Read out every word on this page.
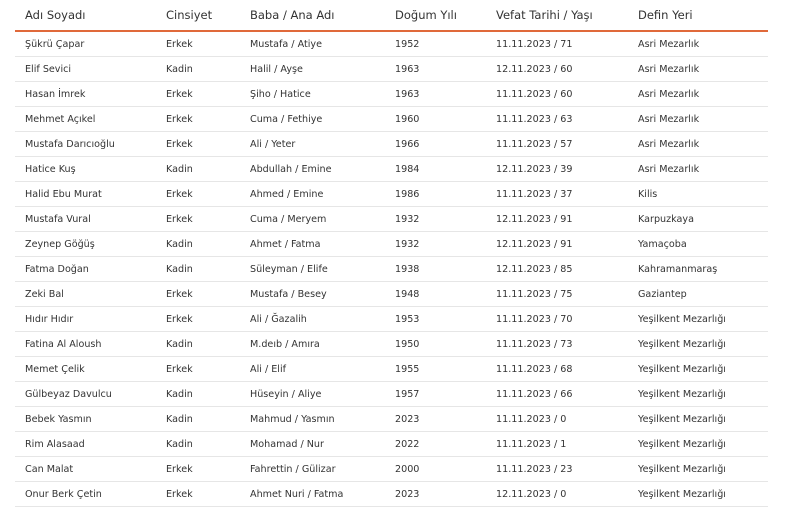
Adı Soyadı	Cinsiyet	Baba / Ana Adı	Doğum Yılı	Vefat Tarihi / Yaşı	Defin Yeri
Şükrü Çapar	Erkek	Mustafa / Atiye	1952	11.11.2023 / 71	Asri Mezarlık
Elif Sevici	Kadin	Halil / Ayşe	1963	12.11.2023 / 60	Asri Mezarlık
Hasan İmrek	Erkek	Şiho / Hatice	1963	11.11.2023 / 60	Asri Mezarlık
Mehmet Açıkel	Erkek	Cuma / Fethiye	1960	11.11.2023 / 63	Asri Mezarlık
Mustafa Darıcıoğlu	Erkek	Ali / Yeter	1966	11.11.2023 / 57	Asri Mezarlık
Hatice Kuş	Kadin	Abdullah / Emine	1984	12.11.2023 / 39	Asri Mezarlık
Halid Ebu Murat	Erkek	Ahmed / Emine	1986	11.11.2023 / 37	Kilis
Mustafa Vural	Erkek	Cuma / Meryem	1932	12.11.2023 / 91	Karpuzkaya
Zeynep Göğüş	Kadin	Ahmet / Fatma	1932	12.11.2023 / 91	Yamaçoba
Fatma Doğan	Kadin	Süleyman / Elife	1938	12.11.2023 / 85	Kahramanmaraş
Zeki Bal	Erkek	Mustafa / Besey	1948	11.11.2023 / 75	Gaziantep
Hıdır Hıdır	Erkek	Ali / Ğazalih	1953	11.11.2023 / 70	Yeşilkent Mezarlığı
Fatina Al Aloush	Kadin	M.deıb / Amıra	1950	11.11.2023 / 73	Yeşilkent Mezarlığı
Memet Çelik	Erkek	Ali / Elif	1955	11.11.2023 / 68	Yeşilkent Mezarlığı
Gülbeyaz Davulcu	Kadin	Hüseyin / Aliye	1957	11.11.2023 / 66	Yeşilkent Mezarlığı
Bebek Yasmın	Kadin	Mahmud / Yasmın	2023	11.11.2023 / 0	Yeşilkent Mezarlığı
Rim Alasaad	Kadin	Mohamad / Nur	2022	11.11.2023 / 1	Yeşilkent Mezarlığı
Can Malat	Erkek	Fahrettin / Gülizar	2000	11.11.2023 / 23	Yeşilkent Mezarlığı
Onur Berk Çetin	Erkek	Ahmet Nuri / Fatma	2023	12.11.2023 / 0	Yeşilkent Mezarlığı
